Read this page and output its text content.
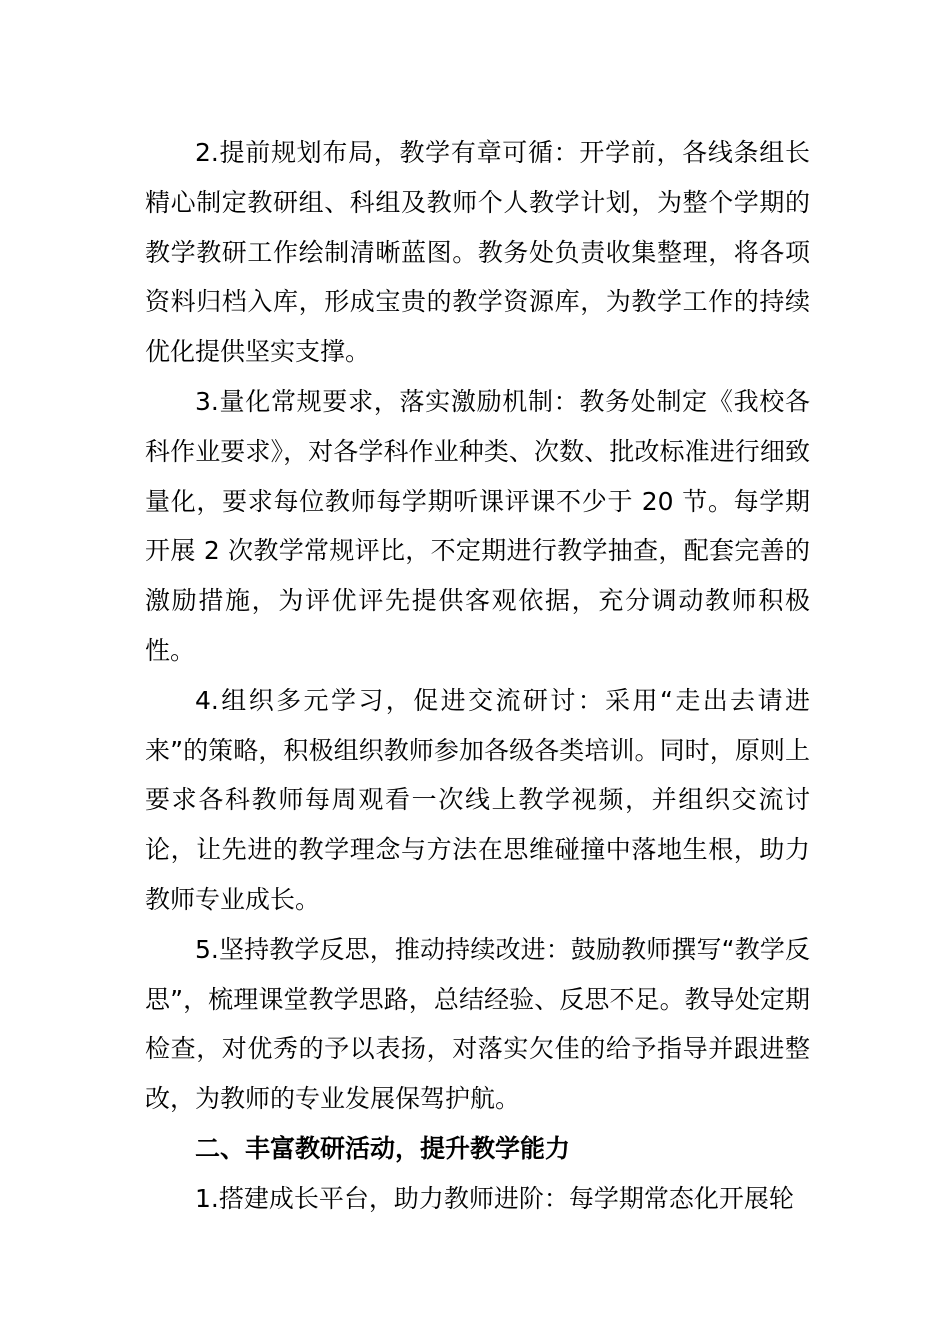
2.提前规划布局，教学有章可循：开学前，各线条组长精心制定教研组、科组及教师个人教学计划，为整个学期的教学教研工作绘制清晰蓝图。教务处负责收集整理，将各项资料归档入库，形成宝贵的教学资源库，为教学工作的持续优化提供坚实支撑。

3.量化常规要求，落实激励机制：教务处制定《我校各科作业要求》，对各学科作业种类、次数、批改标准进行细致量化，要求每位教师每学期听课评课不少于 20 节。每学期开展 2 次教学常规评比，不定期进行教学抽查，配套完善的激励措施，为评优评先提供客观依据，充分调动教师积极性。

4.组织多元学习，促进交流研讨：采用“走出去请进来”的策略，积极组织教师参加各级各类培训。同时，原则上要求各科教师每周观看一次线上教学视频，并组织交流讨论，让先进的教学理念与方法在思维碰撞中落地生根，助力教师专业成长。

5.坚持教学反思，推动持续改进：鼓励教师撰写“教学反思”，梳理课堂教学思路，总结经验、反思不足。教导处定期检查，对优秀的予以表扬，对落实欠佳的给予指导并跟进整改，为教师的专业发展保驾护航。

二、丰富教研活动，提升教学能力

1.搭建成长平台，助力教师进阶：每学期常态化开展轮
